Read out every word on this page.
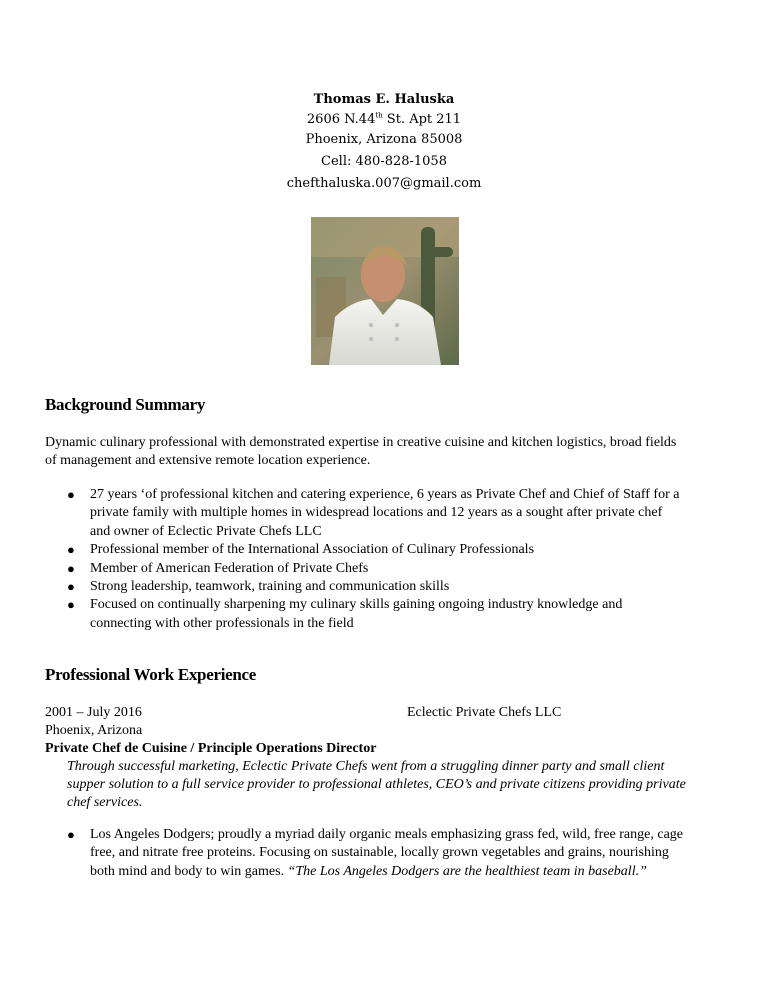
Thomas E. Haluska
2606 N.44th St. Apt 211
Phoenix, Arizona 85008
Cell: 480-828-1058
chefthaluska.007@gmail.com
Background Summary
Dynamic culinary professional with demonstrated expertise in creative cuisine and kitchen logistics, broad fields of management and extensive remote location experience.
● 27 years ‘of professional kitchen and catering experience, 6 years as Private Chef and Chief of Staff for a private family with multiple homes in widespread locations and 12 years as a sought after private chef and owner of Eclectic Private Chefs LLC
● Professional member of the International Association of Culinary Professionals
● Member of American Federation of Private Chefs
● Strong leadership, teamwork, training and communication skills
● Focused on continually sharpening my culinary skills gaining ongoing industry knowledge and connecting with other professionals in the field
Professional Work Experience
2001 – July 2016	Eclectic Private Chefs LLC
Phoenix, Arizona
Private Chef de Cuisine / Principle Operations Director
Through successful marketing, Eclectic Private Chefs went from a struggling dinner party and small client supper solution to a full service provider to professional athletes, CEO’s and private citizens providing private chef services.
● Los Angeles Dodgers; proudly a myriad daily organic meals emphasizing grass fed, wild, free range, cage free, and nitrate free proteins. Focusing on sustainable, locally grown vegetables and grains, nourishing both mind and body to win games. “The Los Angeles Dodgers are the healthiest team in baseball.”
